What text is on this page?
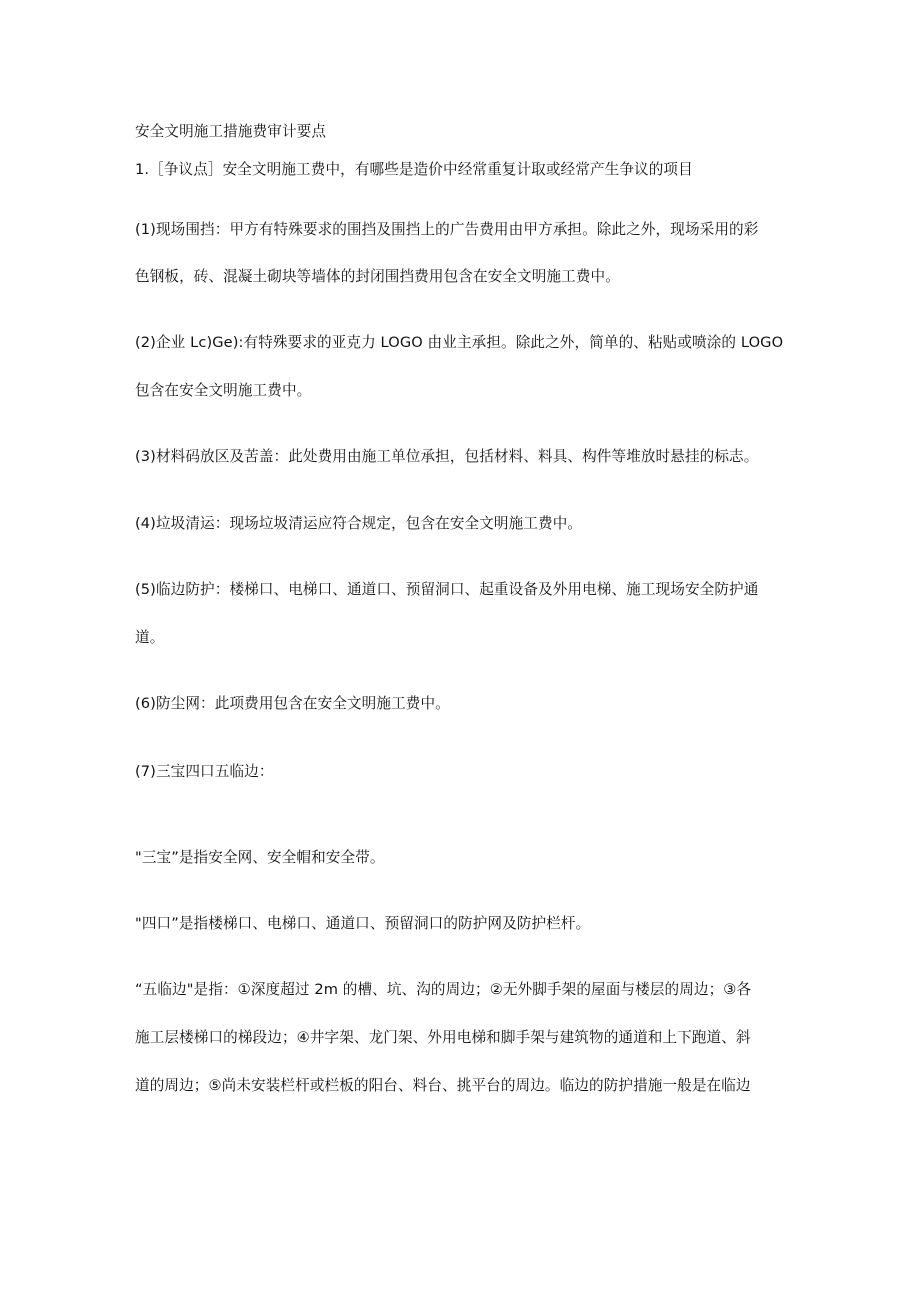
安全文明施工措施费审计要点
1.［争议点］安全文明施工费中，有哪些是造价中经常重复计取或经常产生争议的项目
(1)现场围挡：甲方有特殊要求的围挡及围挡上的广告费用由甲方承担。除此之外，现场采用的彩
色钢板，砖、混凝土砌块等墙体的封闭围挡费用包含在安全文明施工费中。
(2)企业 Lc)Ge):有特殊要求的亚克力 LOGO 由业主承担。除此之外，简单的、粘贴或喷涂的 LOGO
包含在安全文明施工费中。
(3)材料码放区及苦盖：此处费用由施工单位承担，包括材料、料具、构件等堆放时悬挂的标志。
(4)垃圾清运：现场垃圾清运应符合规定，包含在安全文明施工费中。
(5)临边防护：楼梯口、电梯口、通道口、预留洞口、起重设备及外用电梯、施工现场安全防护通
道。
(6)防尘网：此项费用包含在安全文明施工费中。
(7)三宝四口五临边：
"三宝”是指安全网、安全帽和安全带。
"四口”是指楼梯口、电梯口、通道口、预留洞口的防护网及防护栏杆。
“五临边"是指：①深度超过 2m 的槽、坑、沟的周边；②无外脚手架的屋面与楼层的周边；③各
施工层楼梯口的梯段边；④井字架、龙门架、外用电梯和脚手架与建筑物的通道和上下跑道、斜
道的周边；⑤尚未安装栏杆或栏板的阳台、料台、挑平台的周边。临边的防护措施一般是在临边
